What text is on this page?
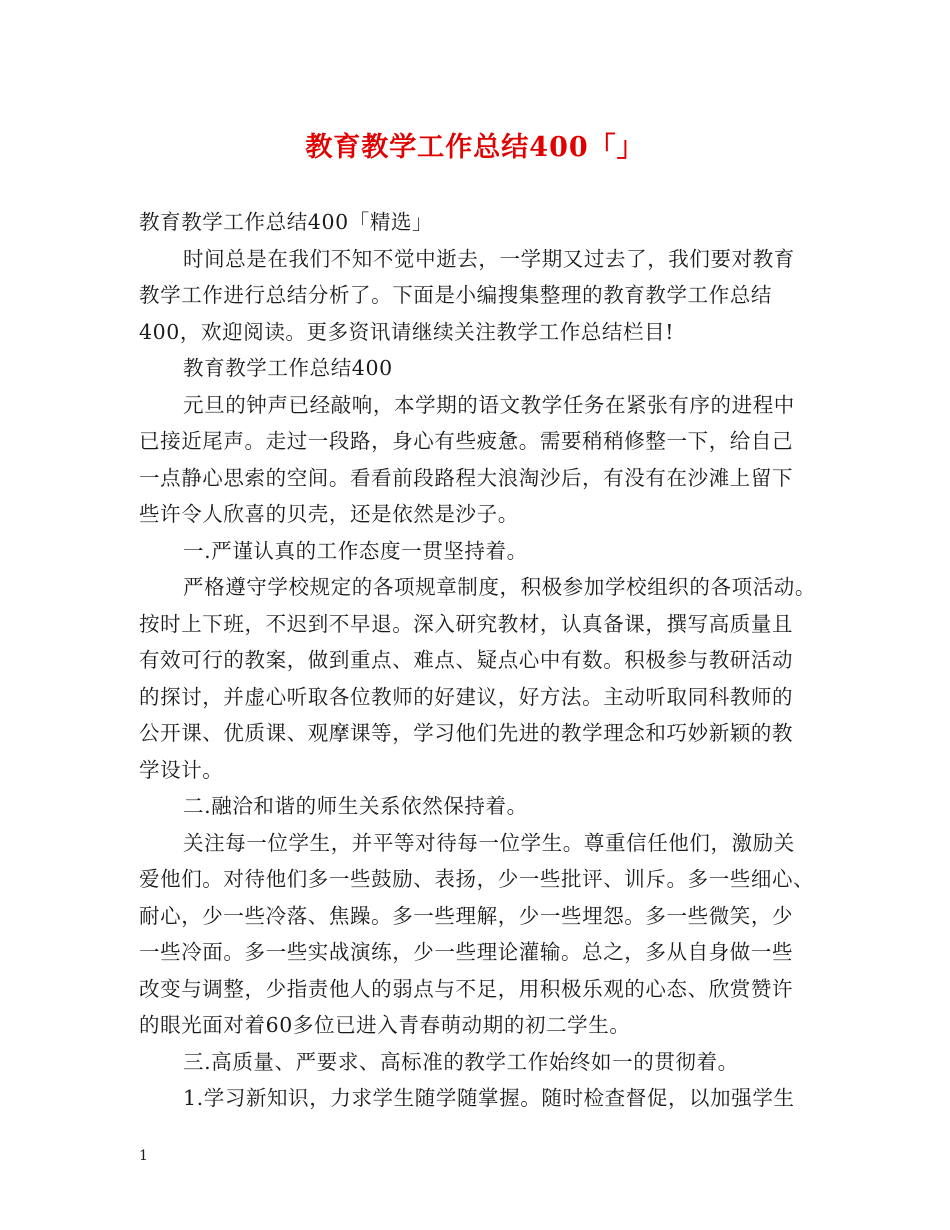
教育教学工作总结400「」
教育教学工作总结400「精选」
时间总是在我们不知不觉中逝去，一学期又过去了，我们要对教育
教学工作进行总结分析了。下面是小编搜集整理的教育教学工作总结
400，欢迎阅读。更多资讯请继续关注教学工作总结栏目!
教育教学工作总结400
元旦的钟声已经敲响，本学期的语文教学任务在紧张有序的进程中
已接近尾声。走过一段路，身心有些疲惫。需要稍稍修整一下，给自己
一点静心思索的空间。看看前段路程大浪淘沙后，有没有在沙滩上留下
些许令人欣喜的贝壳，还是依然是沙子。
一.严谨认真的工作态度一贯坚持着。
严格遵守学校规定的各项规章制度，积极参加学校组织的各项活动。
按时上下班，不迟到不早退。深入研究教材，认真备课，撰写高质量且
有效可行的教案，做到重点、难点、疑点心中有数。积极参与教研活动
的探讨，并虚心听取各位教师的好建议，好方法。主动听取同科教师的
公开课、优质课、观摩课等，学习他们先进的教学理念和巧妙新颖的教
学设计。
二.融洽和谐的师生关系依然保持着。
关注每一位学生，并平等对待每一位学生。尊重信任他们，激励关
爱他们。对待他们多一些鼓励、表扬，少一些批评、训斥。多一些细心、
耐心，少一些冷落、焦躁。多一些理解，少一些埋怨。多一些微笑，少
一些冷面。多一些实战演练，少一些理论灌输。总之，多从自身做一些
改变与调整，少指责他人的弱点与不足，用积极乐观的心态、欣赏赞许
的眼光面对着60多位已进入青春萌动期的初二学生。
三.高质量、严要求、高标准的教学工作始终如一的贯彻着。
1.学习新知识，力求学生随学随掌握。随时检查督促，以加强学生
1
